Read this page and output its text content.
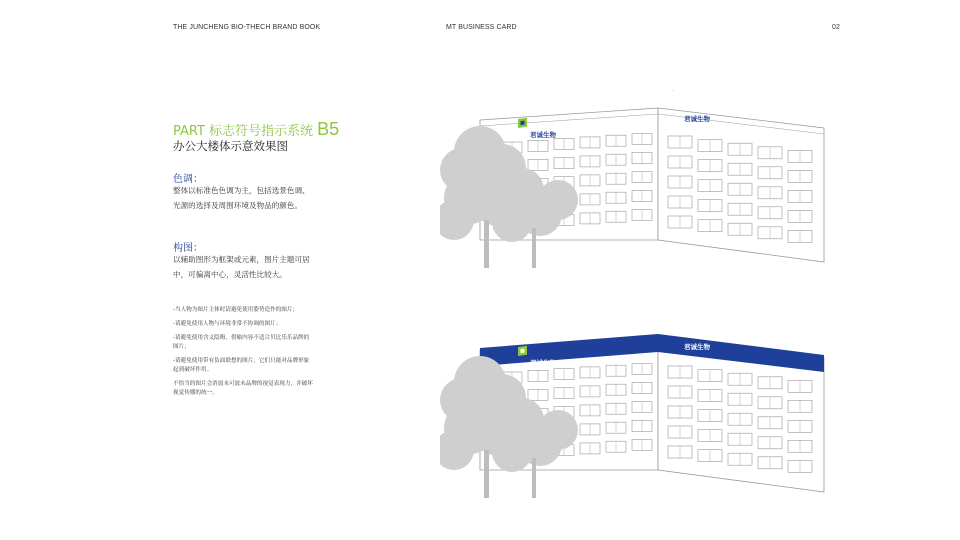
THE JUNCHENG BIO-THECH BRAND BOOK	MT BUSINESS CARD	02
PART 标志符号指示系统 B5
办公大楼体示意效果图
色调：
整体以标准色色调为主，包括选景色调、
光源的选择及周围环境及物品的颜色。
构图：
以辅助图形为框架或元素，图片主题可居
中，可偏离中心，灵活性比较大。

-当人物为图片主体时请避免使用姿势造作的图片；

-请避免使用人物与环境非常不协调的图片；

-请避免使用含义隐晦，借喻内容不适合贝比乐乐品牌的图片；

-请避免使用带有负面联想的图片，它们只能对品牌形象起到破坏作用。

不恰当的图片会消弱未可波未品牌的视觉表现力，并破坏视觉传播的统一。

君诚生物
君诚生物
君诚生物
君诚生物
